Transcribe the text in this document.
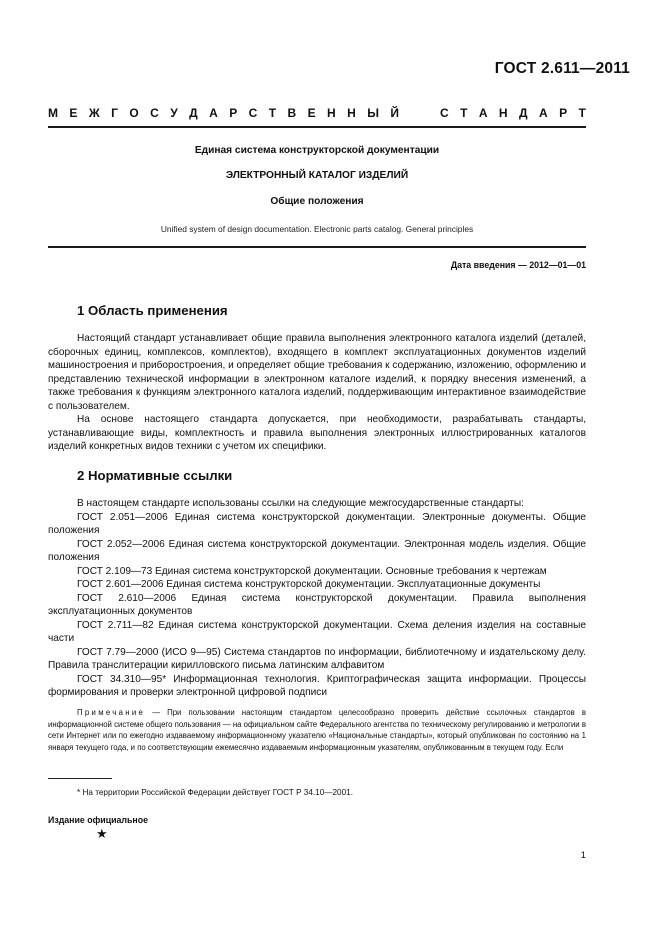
ГОСТ 2.611—2011
М Е Ж Г О С У Д А Р С Т В Е Н Н Ы Й

	С Т А Н Д А Р Т
Единая система конструкторской документации
ЭЛЕКТРОННЫЙ КАТАЛОГ ИЗДЕЛИЙ
Общие положения
Unified system of design documentation. Electronic parts catalog. General principles
Дата введения — 2012—01—01
1 Область применения

Настоящий стандарт устанавливает общие правила выполнения электронного каталога изделий (деталей, сборочных единиц, комплексов, комплектов), входящего в комплект эксплуатационных документов изделий машиностроения и приборостроения, и определяет общие требования к содержанию, изложению, оформлению и представлению технической информации в электронном каталоге изделий, к порядку внесения изменений, а также требования к функциям электронного каталога изделий, поддерживающим интерактивное взаимодействие с пользователем.

На основе настоящего стандарта допускается, при необходимости, разрабатывать стандарты, устанавливающие виды, комплектность и правила выполнения электронных иллюстрированных каталогов изделий конкретных видов техники с учетом их специфики.

2 Нормативные ссылки

В настоящем стандарте использованы ссылки на следующие межгосударственные стандарты:

ГОСТ 2.051—2006 Единая система конструкторской документации. Электронные документы. Общие положения

ГОСТ 2.052—2006 Единая система конструкторской документации. Электронная модель изделия. Общие положения

ГОСТ 2.109—73 Единая система конструкторской документации. Основные требования к чертежам

ГОСТ 2.601—2006 Единая система конструкторской документации. Эксплуатационные документы

ГОСТ 2.610—2006 Единая система конструкторской документации. Правила выполнения эксплуатационных документов

ГОСТ 2.711—82 Единая система конструкторской документации. Схема деления изделия на составные части

ГОСТ 7.79—2000 (ИСО 9—95) Система стандартов по информации, библиотечному и издательскому делу. Правила транслитерации кирилловского письма латинским алфавитом

ГОСТ 34.310—95* Информационная технология. Криптографическая защита информации. Процессы формирования и проверки электронной цифровой подписи

Примечание — При пользовании настоящим стандартом целесообразно проверить действие ссылочных стандартов в информационной системе общего пользования — на официальном сайте Федерального агентства по техническому регулированию и метрологии в сети Интернет или по ежегодно издаваемому информационному указателю «Национальные стандарты», который опубликован по состоянию на 1 января текущего года, и по соответствующим ежемесячно издаваемым информационным указателям, опубликованным в текущем году. Если

* На территории Российской Федерации действует ГОСТ Р 34.10—2001.
Издание официальное
★
1
